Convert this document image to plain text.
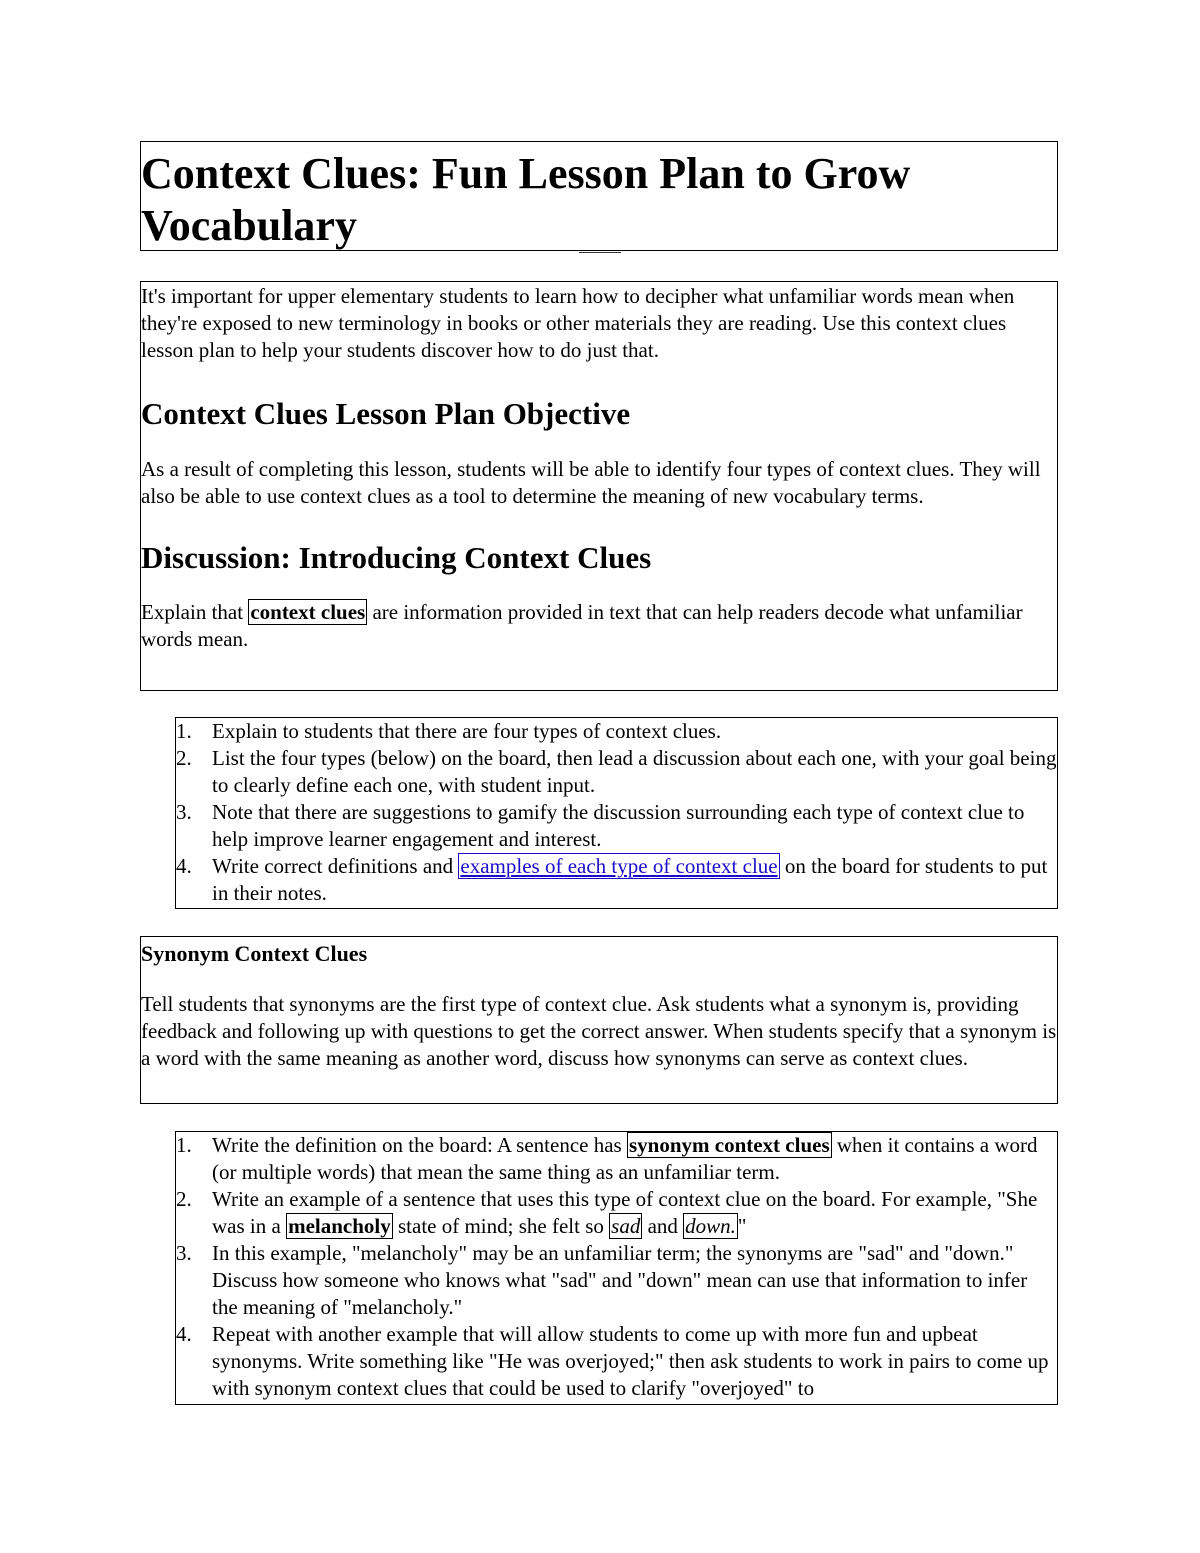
Context Clues: Fun Lesson Plan to Grow Vocabulary

It's important for upper elementary students to learn how to decipher what unfamiliar words mean when they're exposed to new terminology in books or other materials they are reading. Use this context clues lesson plan to help your students discover how to do just that.

Context Clues Lesson Plan Objective

As a result of completing this lesson, students will be able to identify four types of context clues. They will also be able to use context clues as a tool to determine the meaning of new vocabulary terms.

Discussion: Introducing Context Clues

Explain that context clues are information provided in text that can help readers decode what unfamiliar words mean.

1. Explain to students that there are four types of context clues.
2. List the four types (below) on the board, then lead a discussion about each one, with your goal being to clearly define each one, with student input.
3. Note that there are suggestions to gamify the discussion surrounding each type of context clue to help improve learner engagement and interest.
4. Write correct definitions and examples of each type of context clue on the board for students to put in their notes.

Synonym Context Clues

Tell students that synonyms are the first type of context clue. Ask students what a synonym is, providing feedback and following up with questions to get the correct answer. When students specify that a synonym is a word with the same meaning as another word, discuss how synonyms can serve as context clues.

1. Write the definition on the board: A sentence has synonym context clues when it contains a word (or multiple words) that mean the same thing as an unfamiliar term.
2. Write an example of a sentence that uses this type of context clue on the board. For example, "She was in a melancholy state of mind; she felt so sad and down."
3. In this example, "melancholy" may be an unfamiliar term; the synonyms are "sad" and "down." Discuss how someone who knows what "sad" and "down" mean can use that information to infer the meaning of "melancholy."
4. Repeat with another example that will allow students to come up with more fun and upbeat synonyms. Write something like "He was overjoyed;" then ask students to work in pairs to come up with synonym context clues that could be used to clarify "overjoyed" to
